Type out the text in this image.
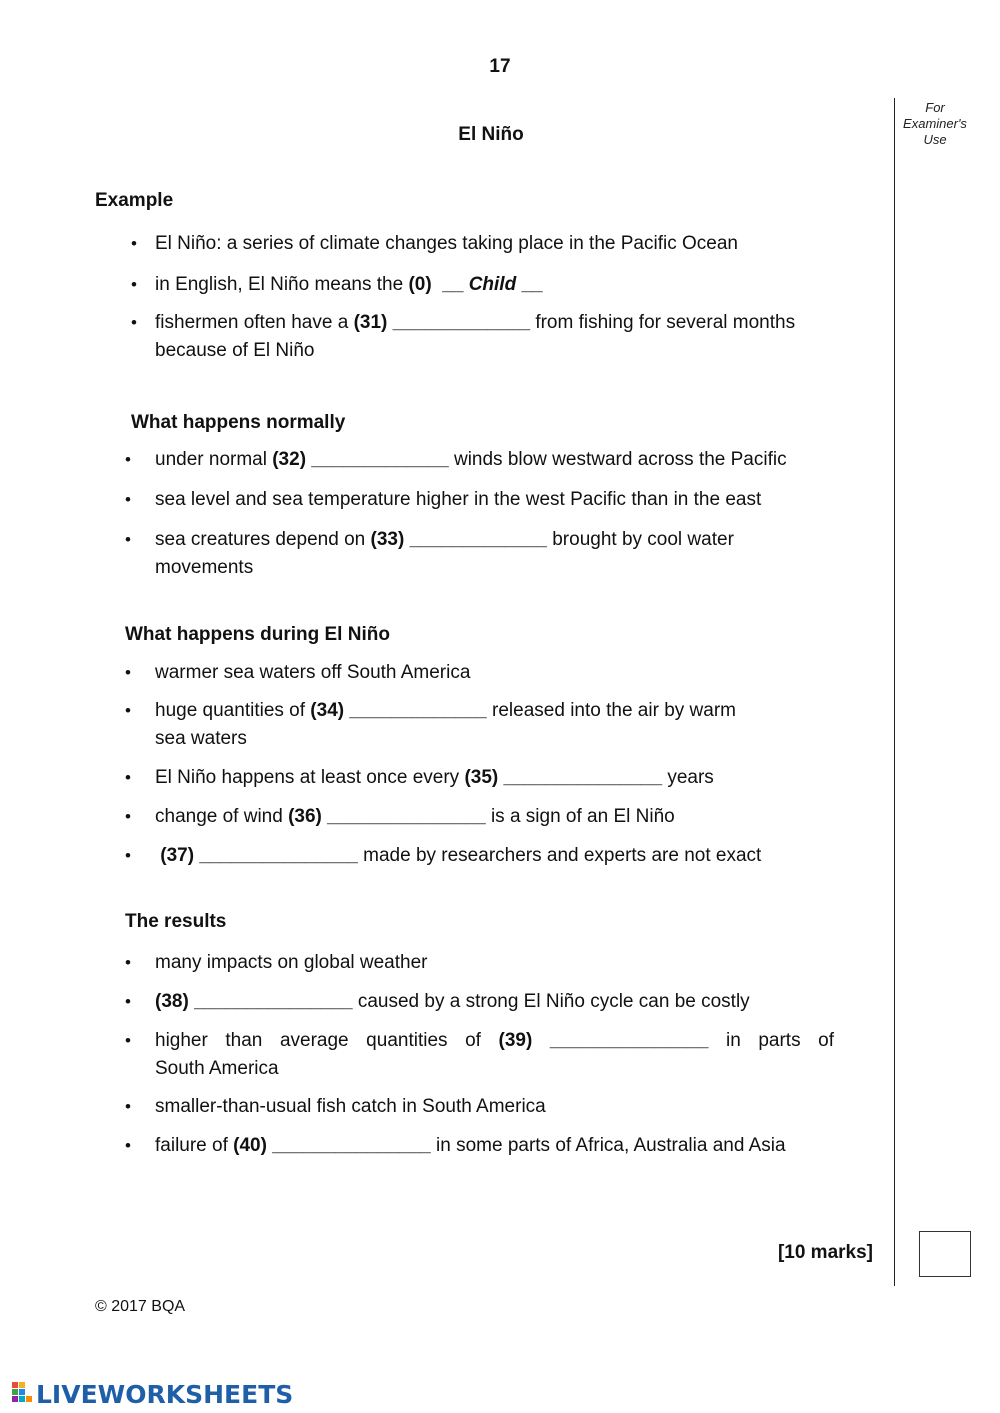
17
El Niño
For
Examiner's
Use
Example
• El Niño: a series of climate changes taking place in the Pacific Ocean
• in English, El Niño means the (0)  __ Child __
• fishermen often have a (31) _____________ from fishing for several months
because of El Niño
What happens normally
• under normal (32) _____________ winds blow westward across the Pacific
• sea level and sea temperature higher in the west Pacific than in the east
• sea creatures depend on (33) _____________ brought by cool water
movements
What happens during El Niño
• warmer sea waters off South America
• huge quantities of (34) _____________ released into the air by warm
sea waters
• El Niño happens at least once every (35) _______________ years
• change of wind (36) _______________ is a sign of an El Niño
• (37) _______________ made by researchers and experts are not exact
The results
• many impacts on global weather
• (38) _______________ caused by a strong El Niño cycle can be costly
• higher than average quantities of (39) _______________ in parts of
South America
• smaller-than-usual fish catch in South America
• failure of (40) _______________ in some parts of Africa, Australia and Asia
[10 marks]
© 2017 BQA
LIVEWORKSHEETS
